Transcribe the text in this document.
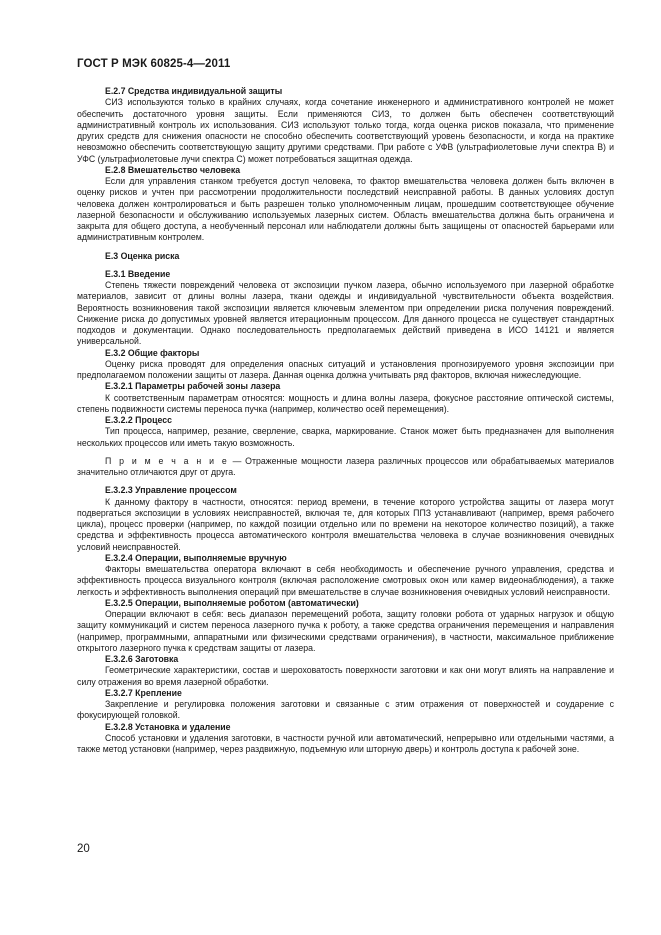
ГОСТ Р МЭК 60825-4—2011

E.2.7 Средства индивидуальной защиты

СИЗ используются только в крайних случаях, когда сочетание инженерного и административного контролей не может обеспечить достаточного уровня защиты. Если применяются СИЗ, то должен быть обеспечен соответствующий административный контроль их использования. СИЗ используют только тогда, когда оценка рисков показала, что применение других средств для снижения опасности не способно обеспечить соответствующий уровень безопасности, и когда на практике невозможно обеспечить соответствующую защиту другими средствами. При работе с УФВ (ультрафиолетовые лучи спектра В) и УФС (ультрафиолетовые лучи спектра С) может потребоваться защитная одежда.

E.2.8 Вмешательство человека

Если для управления станком требуется доступ человека, то фактор вмешательства человека должен быть включен в оценку рисков и учтен при рассмотрении продолжительности последствий неисправной работы. В данных условиях доступ человека должен контролироваться и быть разрешен только уполномоченным лицам, прошедшим соответствующее обучение лазерной безопасности и обслуживанию используемых лазерных систем. Область вмешательства должна быть ограничена и закрыта для общего доступа, а необученный персонал или наблюдатели должны быть защищены от опасностей барьерами или административным контролем.

E.3 Оценка риска

E.3.1 Введение

Степень тяжести повреждений человека от экспозиции пучком лазера, обычно используемого при лазерной обработке материалов, зависит от длины волны лазера, ткани одежды и индивидуальной чувствительности объекта воздействия. Вероятность возникновения такой экспозиции является ключевым элементом при определении риска получения повреждений. Снижение риска до допустимых уровней является итерационным процессом. Для данного процесса не существует стандартных подходов и документации. Однако последовательность предполагаемых действий приведена в ИСО 14121 и является универсальной.

E.3.2 Общие факторы

Оценку риска проводят для определения опасных ситуаций и установления прогнозируемого уровня экспозиции при предполагаемом положении защиты от лазера. Данная оценка должна учитывать ряд факторов, включая нижеследующие.

E.3.2.1 Параметры рабочей зоны лазера

К соответственным параметрам относятся: мощность и длина волны лазера, фокусное расстояние оптической системы, степень подвижности системы переноса пучка (например, количество осей перемещения).

E.3.2.2 Процесс

Тип процесса, например, резание, сверление, сварка, маркирование. Станок может быть предназначен для выполнения нескольких процессов или иметь такую возможность.

П р и м е ч а н и е — Отраженные мощности лазера различных процессов или обрабатываемых материалов значительно отличаются друг от друга.

E.3.2.3 Управление процессом

К данному фактору в частности, относятся: период времени, в течение которого устройства защиты от лазера могут подвергаться экспозиции в условиях неисправностей, включая те, для которых ППЗ устанавливают (например, время рабочего цикла), процесс проверки (например, по каждой позиции отдельно или по времени на некоторое количество позиций), а также средства и эффективность процесса автоматического контроля вмешательства человека в случае возникновения очевидных условий неисправностей.

E.3.2.4 Операции, выполняемые вручную

Факторы вмешательства оператора включают в себя необходимость и обеспечение ручного управления, средства и эффективность процесса визуального контроля (включая расположение смотровых окон или камер видеонаблюдения), а также легкость и эффективность выполнения операций при вмешательстве в случае возникновения очевидных условий неисправности.

E.3.2.5 Операции, выполняемые роботом (автоматически)

Операции включают в себя: весь диапазон перемещений робота, защиту головки робота от ударных нагрузок и общую защиту коммуникаций и систем переноса лазерного пучка к роботу, а также средства ограничения перемещения и направления (например, программными, аппаратными или физическими средствами ограничения), в частности, максимальное приближение открытого лазерного пучка к средствам защиты от лазера.

E.3.2.6 Заготовка

Геометрические характеристики, состав и шероховатость поверхности заготовки и как они могут влиять на направление и силу отражения во время лазерной обработки.

E.3.2.7 Крепление

Закрепление и регулировка положения заготовки и связанные с этим отражения от поверхностей и соударение с фокусирующей головкой.

E.3.2.8 Установка и удаление

Способ установки и удаления заготовки, в частности ручной или автоматический, непрерывно или отдельными частями, а также метод установки (например, через раздвижную, подъемную или шторную дверь) и контроль доступа к рабочей зоне.

20
